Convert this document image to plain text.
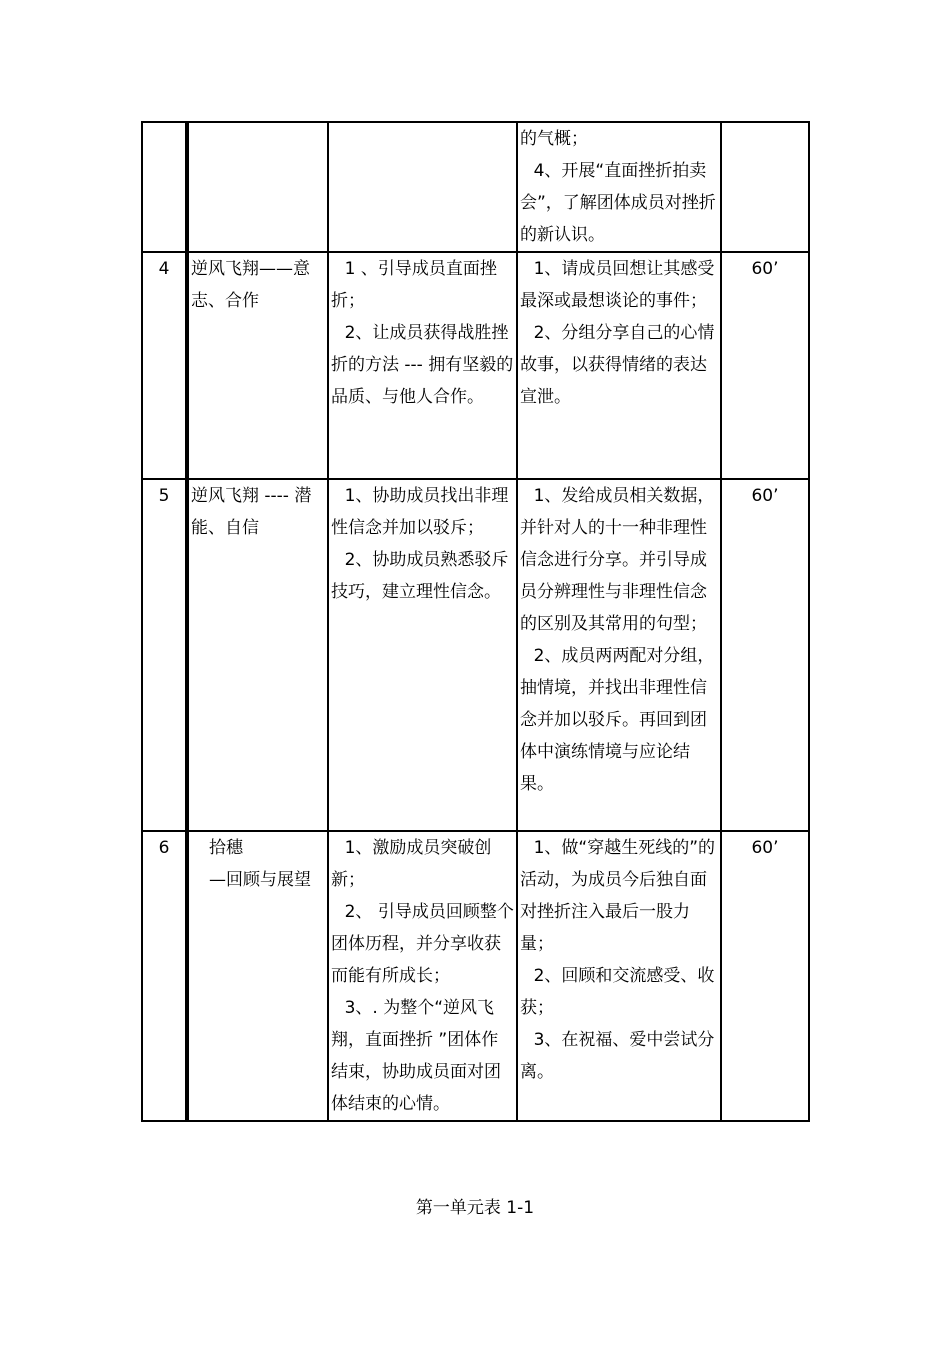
			的气概；
4、开展“直面挫折拍卖会”，了解团体成员对挫折的新认识。	

4	逆风飞翔——意志、合作	1 、引导成员直面挫折；
2、让成员获得战胜挫折的方法 --- 拥有坚毅的品质、与他人合作。	1、请成员回想让其感受最深或最想谈论的事件；
2、分组分享自己的心情故事，以获得情绪的表达宣泄。	60’
5	逆风飞翔 ---- 潜能、自信	1、协助成员找出非理性信念并加以驳斥；
2、协助成员熟悉驳斥技巧，建立理性信念。	1、发给成员相关数据，并针对人的十一种非理性信念进行分享。并引导成员分辨理性与非理性信念的区别及其常用的句型；
2、成员两两配对分组，抽情境，并找出非理性信念并加以驳斥。再回到团体中演练情境与应论结果。	60’
6	拾穗
—回顾与展望	1、激励成员突破创新；
2、 引导成员回顾整个团体历程，并分享收获而能有所成长；
3、. 为整个“逆风飞翔，直面挫折 ”团体作结束，协助成员面对团体结束的心情。	1、做“穿越生死线的”的活动，为成员今后独自面对挫折注入最后一股力量；
2、回顾和交流感受、收获；
3、在祝福、爱中尝试分离。	60’
第一单元表 1-1
